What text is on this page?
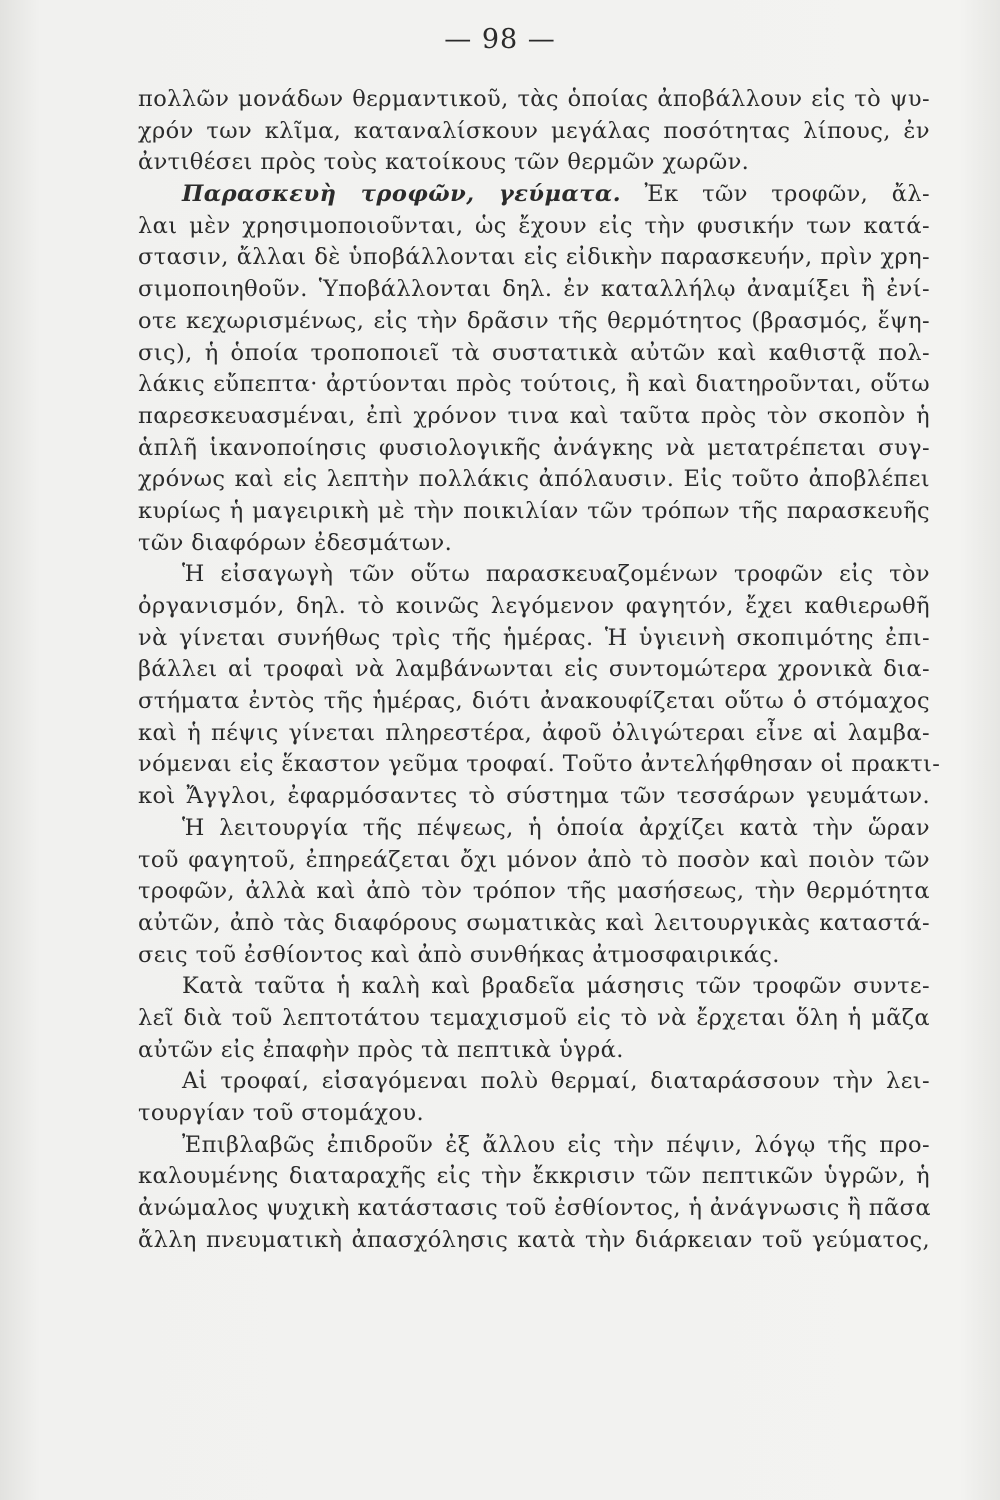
— 98 —
πολλῶν μονάδων θερμαντικοῦ, τὰς ὁποίας ἀποβάλλουν εἰς τὸ ψυ-
χρόν των κλῖμα, καταναλίσκουν μεγάλας ποσότητας λίπους, ἐν
ἀντιθέσει πρὸς τοὺς κατοίκους τῶν θερμῶν χωρῶν.
Παρασκευὴ τροφῶν, γεύματα. Ἐκ τῶν τροφῶν, ἄλ-
λαι μὲν χρησιμοποιοῦνται, ὡς ἔχουν εἰς τὴν φυσικήν των κατά-
στασιν, ἄλλαι δὲ ὑποβάλλονται εἰς εἰδικὴν παρασκευήν, πρὶν χρη-
σιμοποιηθοῦν. Ὑποβάλλονται δηλ. ἐν καταλλήλῳ ἀναμίξει ἢ ἐνί-
οτε κεχωρισμένως, εἰς τὴν δρᾶσιν τῆς θερμότητος (βρασμός, ἕψη-
σις), ἡ ὁποία τροποποιεῖ τὰ συστατικὰ αὐτῶν καὶ καθιστᾷ πολ-
λάκις εὔπεπτα· ἀρτύονται πρὸς τούτοις, ἢ καὶ διατηροῦνται, οὕτω
παρεσκευασμέναι, ἐπὶ χρόνον τινα καὶ ταῦτα πρὸς τὸν σκοπὸν ἡ
ἁπλῆ ἱκανοποίησις φυσιολογικῆς ἀνάγκης νὰ μετατρέπεται συγ-
χρόνως καὶ εἰς λεπτὴν πολλάκις ἀπόλαυσιν. Εἰς τοῦτο ἀποβλέπει
κυρίως ἡ μαγειρικὴ μὲ τὴν ποικιλίαν τῶν τρόπων τῆς παρασκευῆς
τῶν διαφόρων ἐδεσμάτων.
Ἡ εἰσαγωγὴ τῶν οὕτω παρασκευαζομένων τροφῶν εἰς τὸν
ὀργανισμόν, δηλ. τὸ κοινῶς λεγόμενον φαγητόν, ἔχει καθιερωθῆ
νὰ γίνεται συνήθως τρὶς τῆς ἡμέρας. Ἡ ὑγιεινὴ σκοπιμότης ἐπι-
βάλλει αἱ τροφαὶ νὰ λαμβάνωνται εἰς συντομώτερα χρονικὰ δια-
στήματα ἐντὸς τῆς ἡμέρας, διότι ἀνακουφίζεται οὕτω ὁ στόμαχος
καὶ ἡ πέψις γίνεται πληρεστέρα, ἀφοῦ ὀλιγώτεραι εἶνε αἱ λαμβα-
νόμεναι εἰς ἕκαστον γεῦμα τροφαί. Τοῦτο ἀντελήφθησαν οἱ πρακτι-
κοὶ Ἄγγλοι, ἐφαρμόσαντες τὸ σύστημα τῶν τεσσάρων γευμάτων.
Ἡ λειτουργία τῆς πέψεως, ἡ ὁποία ἀρχίζει κατὰ τὴν ὥραν
τοῦ φαγητοῦ, ἐπηρεάζεται ὄχι μόνον ἀπὸ τὸ ποσὸν καὶ ποιὸν τῶν
τροφῶν, ἀλλὰ καὶ ἀπὸ τὸν τρόπον τῆς μασήσεως, τὴν θερμότητα
αὐτῶν, ἀπὸ τὰς διαφόρους σωματικὰς καὶ λειτουργικὰς καταστά-
σεις τοῦ ἐσθίοντος καὶ ἀπὸ συνθήκας ἀτμοσφαιρικάς.
Κατὰ ταῦτα ἡ καλὴ καὶ βραδεῖα μάσησις τῶν τροφῶν συντε-
λεῖ διὰ τοῦ λεπτοτάτου τεμαχισμοῦ εἰς τὸ νὰ ἔρχεται ὅλη ἡ μᾶζα
αὐτῶν εἰς ἐπαφὴν πρὸς τὰ πεπτικὰ ὑγρά.
Αἱ τροφαί, εἰσαγόμεναι πολὺ θερμαί, διαταράσσουν τὴν λει-
τουργίαν τοῦ στομάχου.
Ἐπιβλαβῶς ἐπιδροῦν ἐξ ἄλλου εἰς τὴν πέψιν, λόγῳ τῆς προ-
καλουμένης διαταραχῆς εἰς τὴν ἔκκρισιν τῶν πεπτικῶν ὑγρῶν, ἡ
ἀνώμαλος ψυχικὴ κατάστασις τοῦ ἐσθίοντος, ἡ ἀνάγνωσις ἢ πᾶσα
ἄλλη πνευματικὴ ἀπασχόλησις κατὰ τὴν διάρκειαν τοῦ γεύματος,
